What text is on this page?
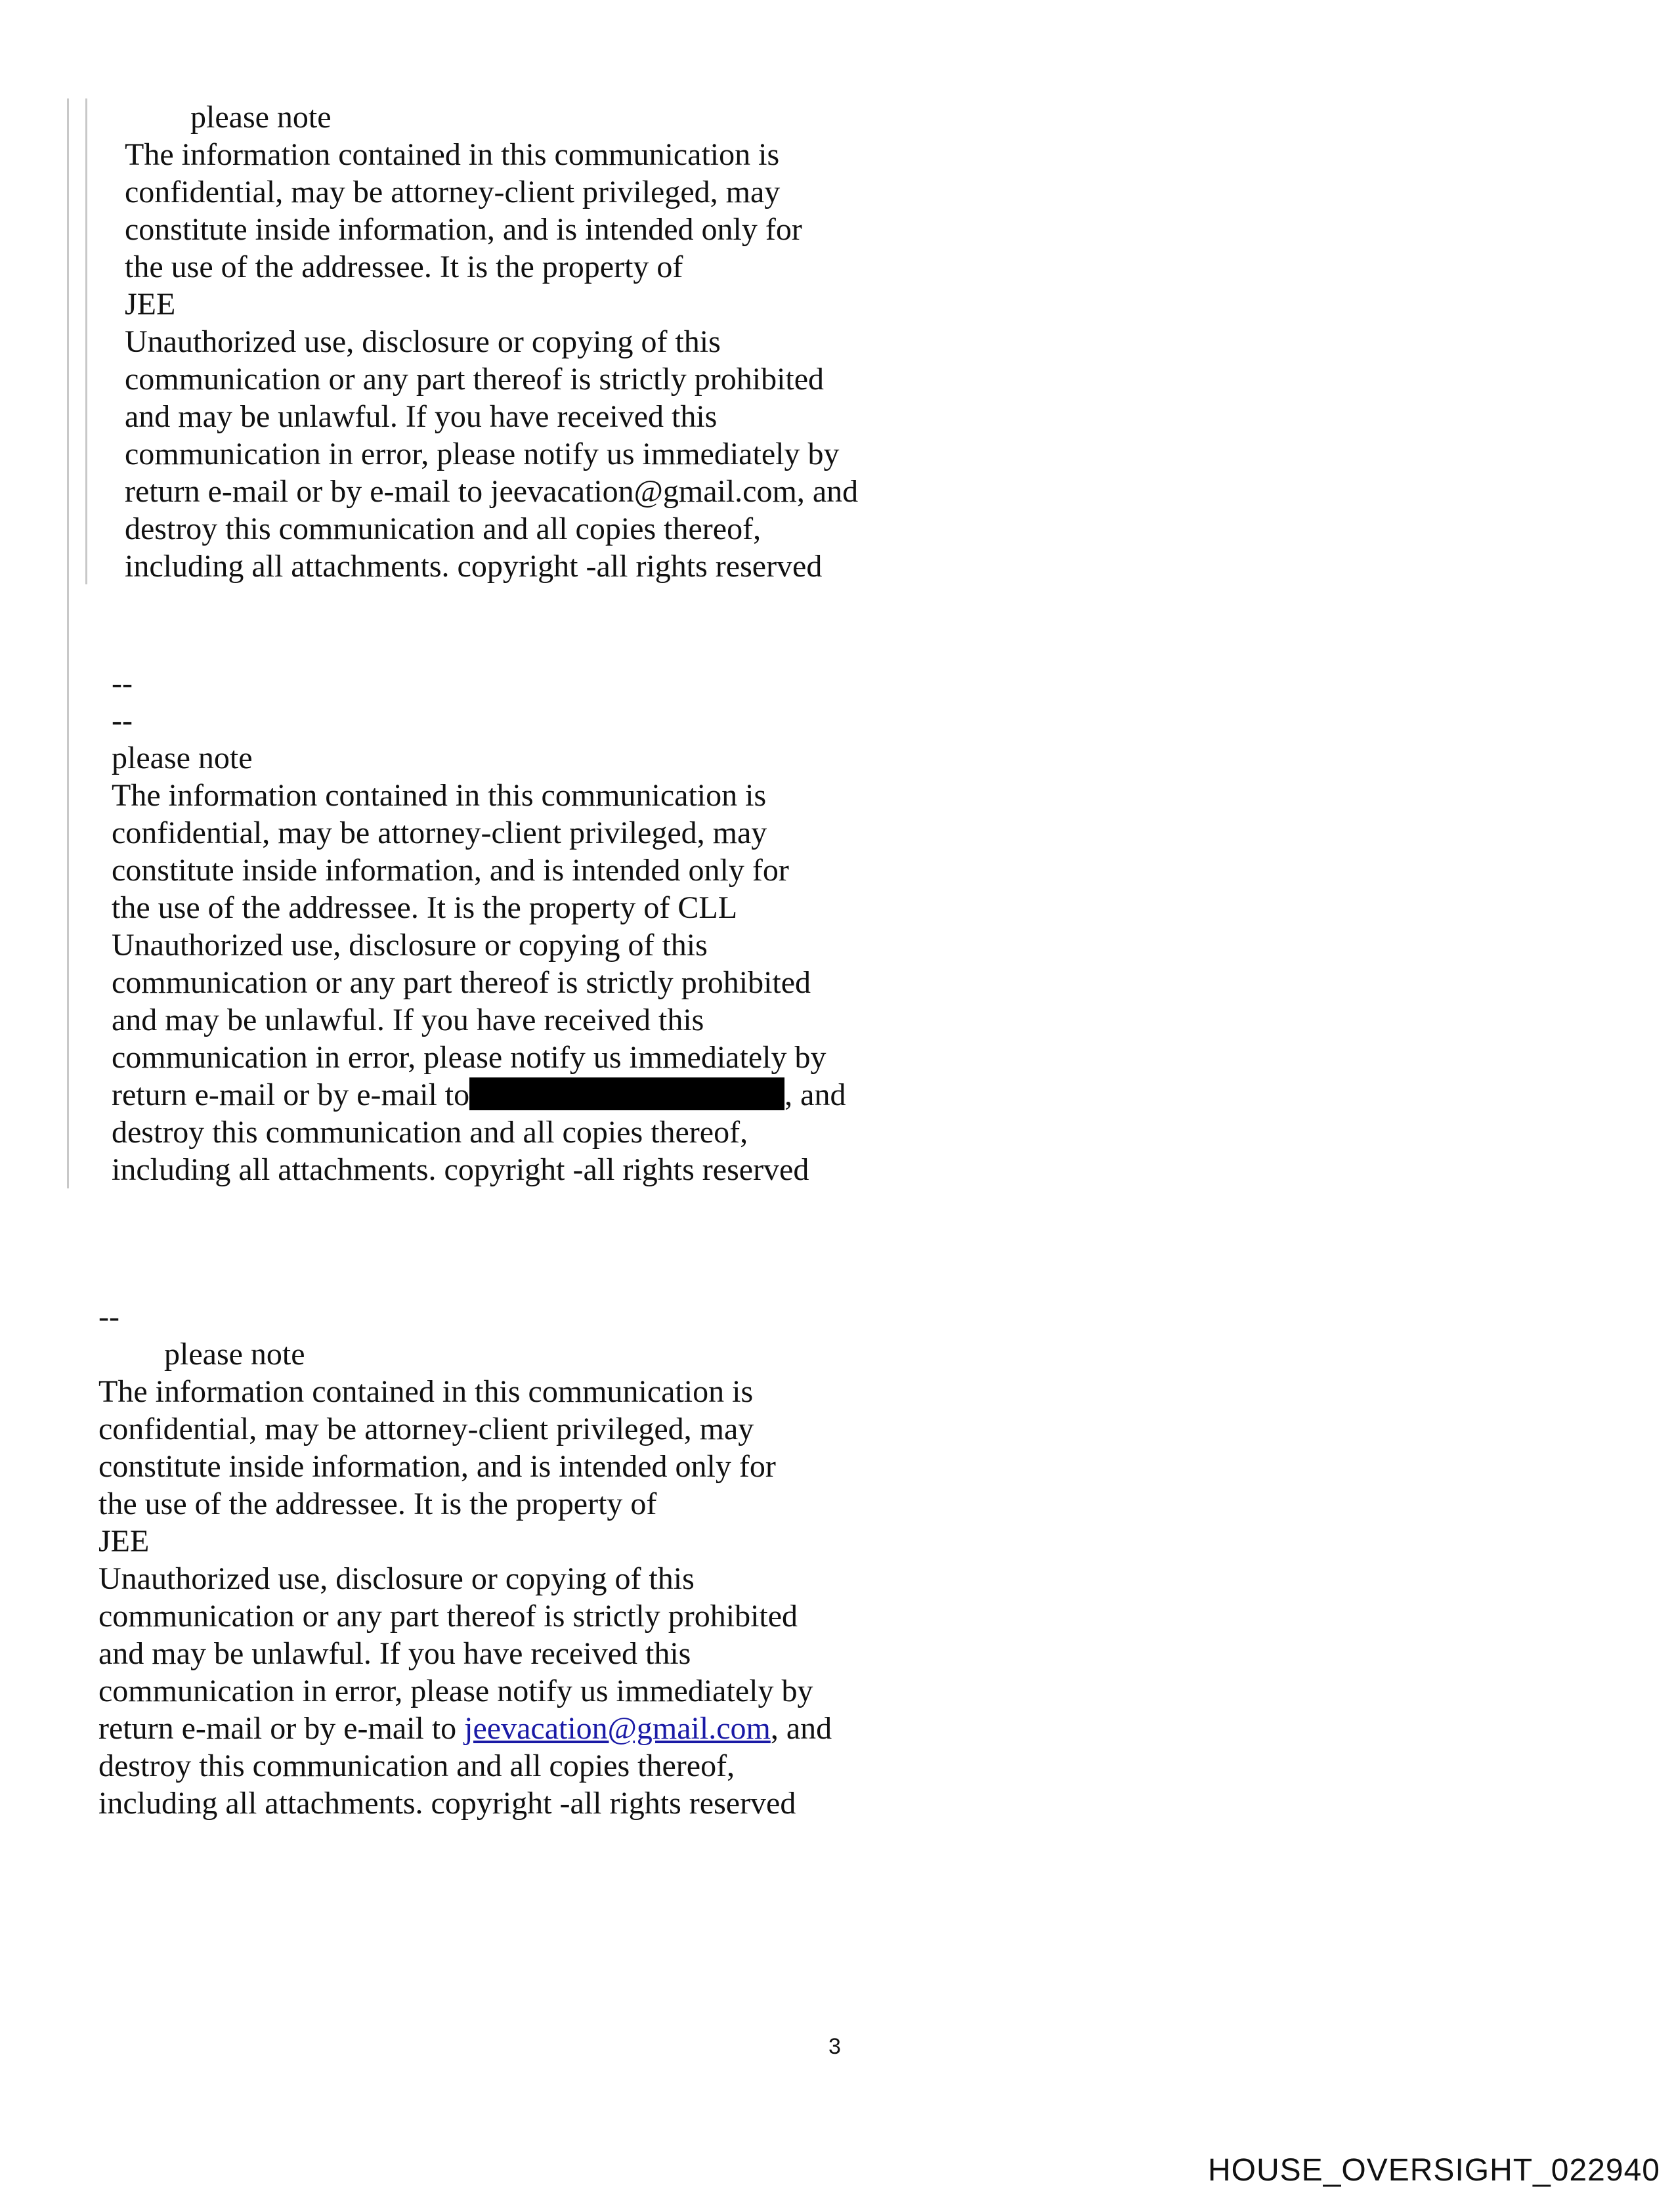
please note
The information contained in this communication is
confidential, may be attorney-client privileged, may
constitute inside information, and is intended only for
the use of the addressee. It is the property of
JEE
Unauthorized use, disclosure or copying of this
communication or any part thereof is strictly prohibited
and may be unlawful. If you have received this
communication in error, please notify us immediately by
return e-mail or by e-mail to jeevacation@gmail.com, and
destroy this communication and all copies thereof,
including all attachments. copyright -all rights reserved
--
--
please note
The information contained in this communication is
confidential, may be attorney-client privileged, may
constitute inside information, and is intended only for
the use of the addressee. It is the property of CLL
Unauthorized use, disclosure or copying of this
communication or any part thereof is strictly prohibited
and may be unlawful. If you have received this
communication in error, please notify us immediately by
return e-mail or by e-mail to	, and
destroy this communication and all copies thereof,
including all attachments. copyright -all rights reserved
--
please note
The information contained in this communication is
confidential, may be attorney-client privileged, may
constitute inside information, and is intended only for
the use of the addressee. It is the property of
JEE
Unauthorized use, disclosure or copying of this
communication or any part thereof is strictly prohibited
and may be unlawful. If you have received this
communication in error, please notify us immediately by
return e-mail or by e-mail to jeevacation@gmail.com, and
destroy this communication and all copies thereof,
including all attachments. copyright -all rights reserved
3
HOUSE_OVERSIGHT_022940
